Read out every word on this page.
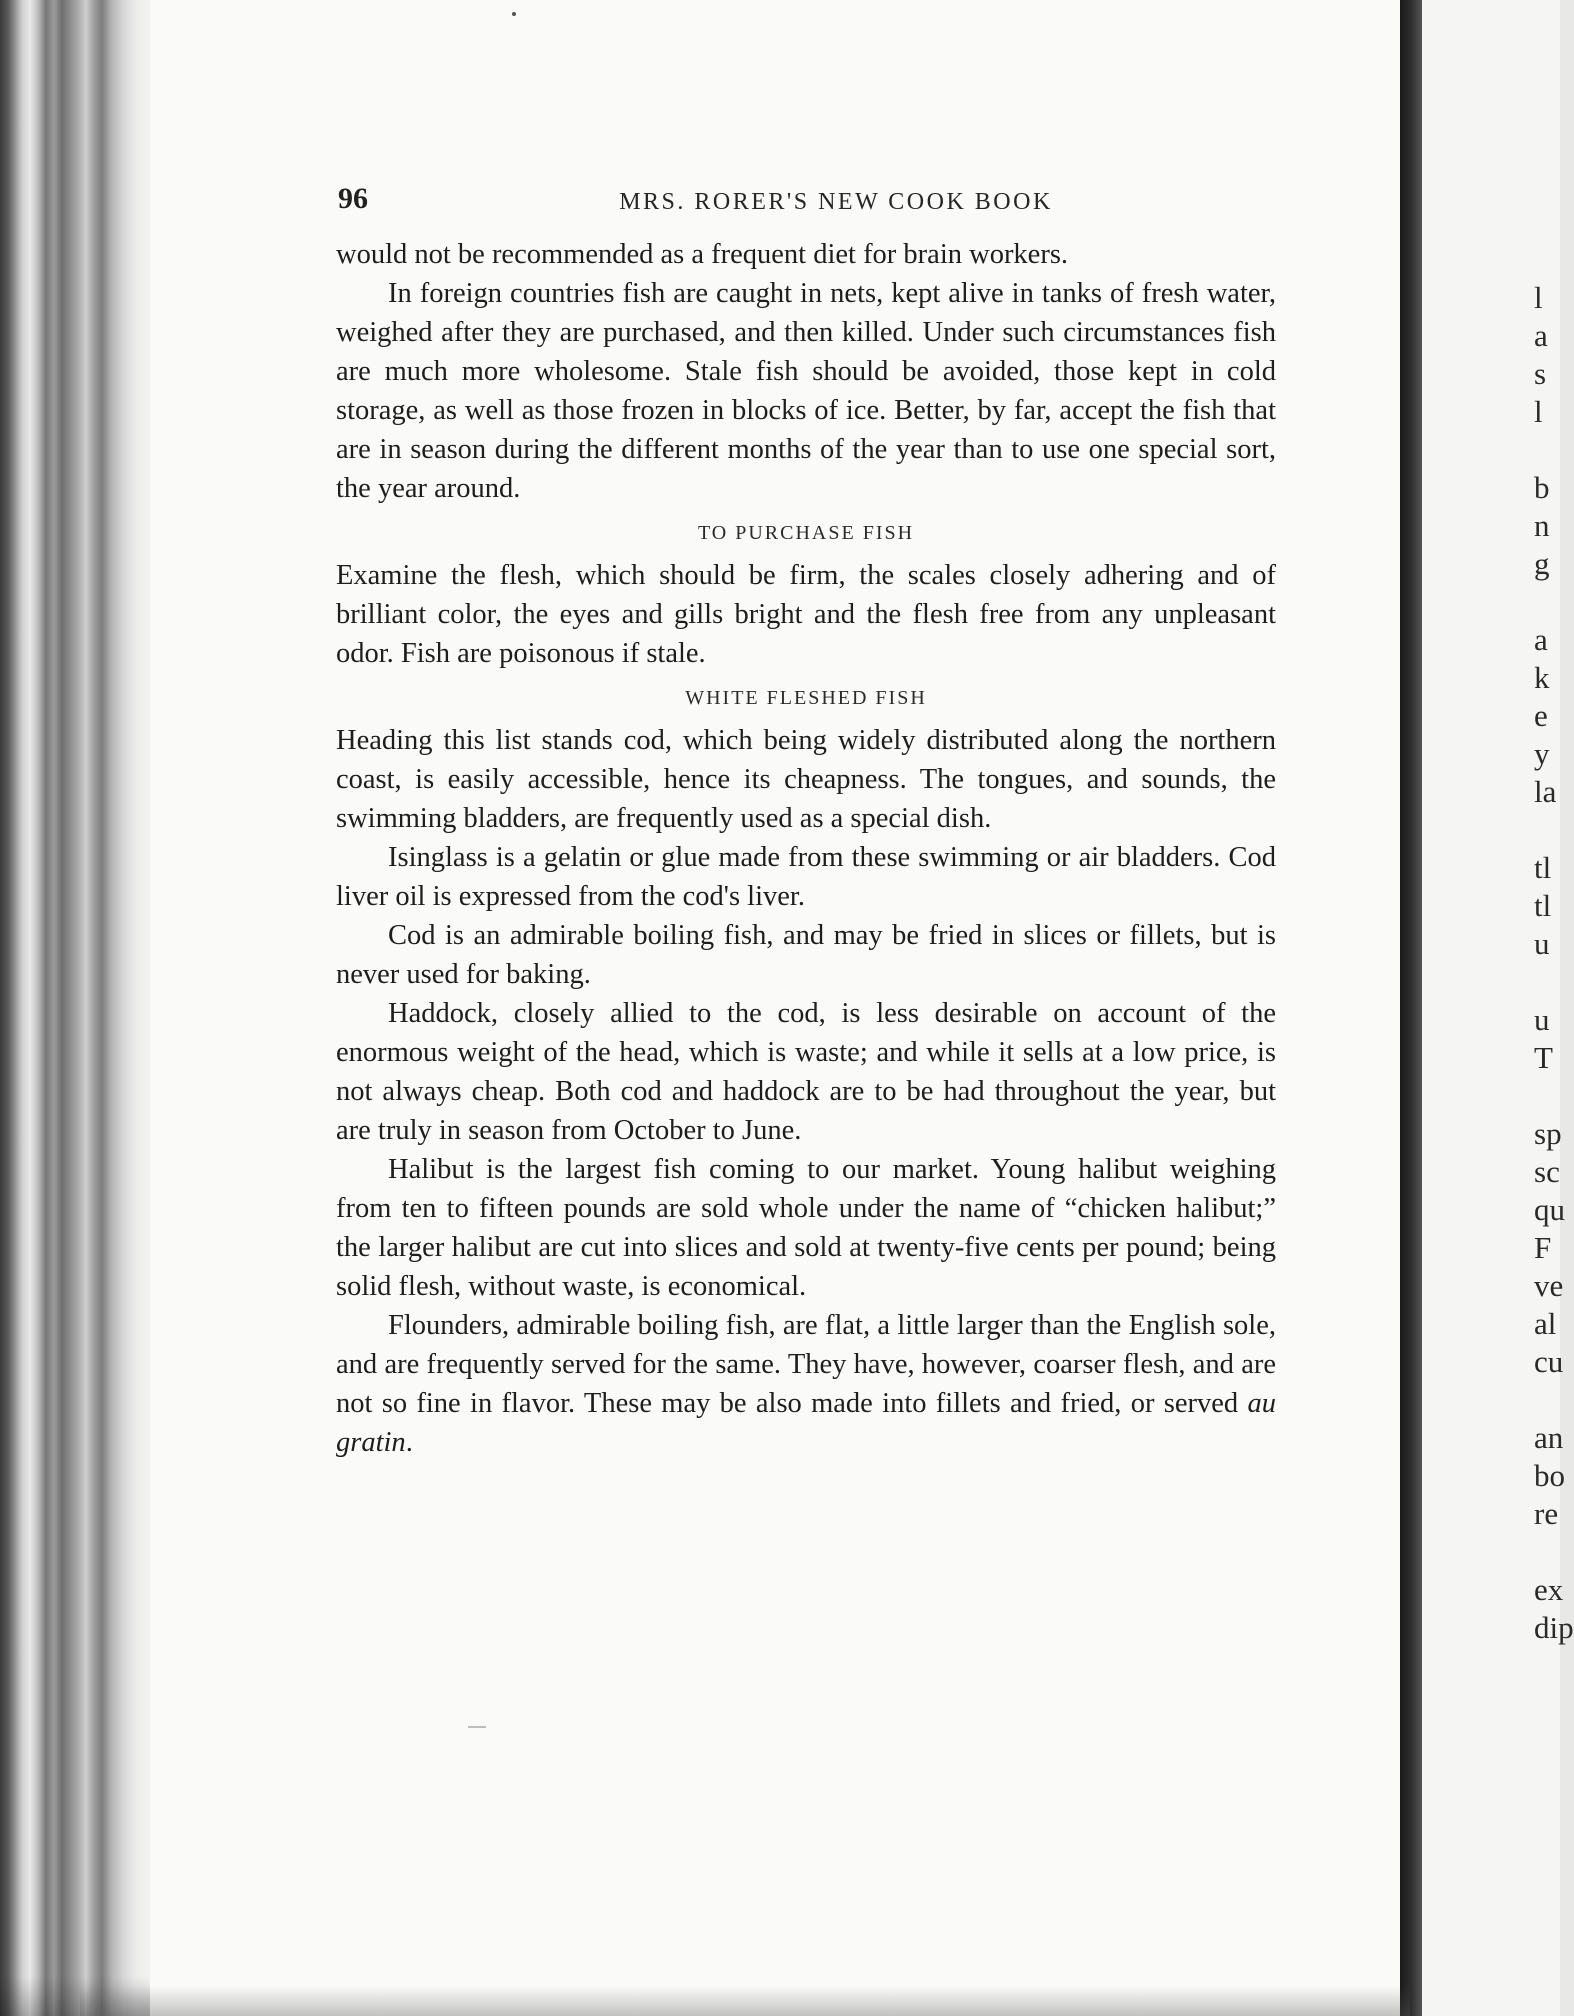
l
a
s
l
b
n
g
a
k
e
y
la
tl
tl
u
u
T
sp
sc
qu
F
ve
al
cu
an
bo
re
ex
dip
96	MRS. RORER'S NEW COOK BOOK

would not be recommended as a frequent diet for brain workers.

In foreign countries fish are caught in nets, kept alive in tanks of fresh water, weighed after they are purchased, and then killed. Under such circumstances fish are much more wholesome. Stale fish should be avoided, those kept in cold storage, as well as those frozen in blocks of ice. Better, by far, accept the fish that are in season during the different months of the year than to use one special sort, the year around.

TO PURCHASE FISH

Examine the flesh, which should be firm, the scales closely adhering and of brilliant color, the eyes and gills bright and the flesh free from any unpleasant odor. Fish are poisonous if stale.

WHITE FLESHED FISH

Heading this list stands cod, which being widely distributed along the northern coast, is easily accessible, hence its cheapness. The tongues, and sounds, the swimming bladders, are frequently used as a special dish.

Isinglass is a gelatin or glue made from these swimming or air bladders. Cod liver oil is expressed from the cod's liver.

Cod is an admirable boiling fish, and may be fried in slices or fillets, but is never used for baking.

Haddock, closely allied to the cod, is less desirable on account of the enormous weight of the head, which is waste; and while it sells at a low price, is not always cheap. Both cod and haddock are to be had throughout the year, but are truly in season from October to June.

Halibut is the largest fish coming to our market. Young halibut weighing from ten to fifteen pounds are sold whole under the name of “chicken halibut;” the larger halibut are cut into slices and sold at twenty-five cents per pound; being solid flesh, without waste, is economical.

Flounders, admirable boiling fish, are flat, a little larger than the English sole, and are frequently served for the same. They have, however, coarser flesh, and are not so fine in flavor. These may be also made into fillets and fried, or served au gratin.
